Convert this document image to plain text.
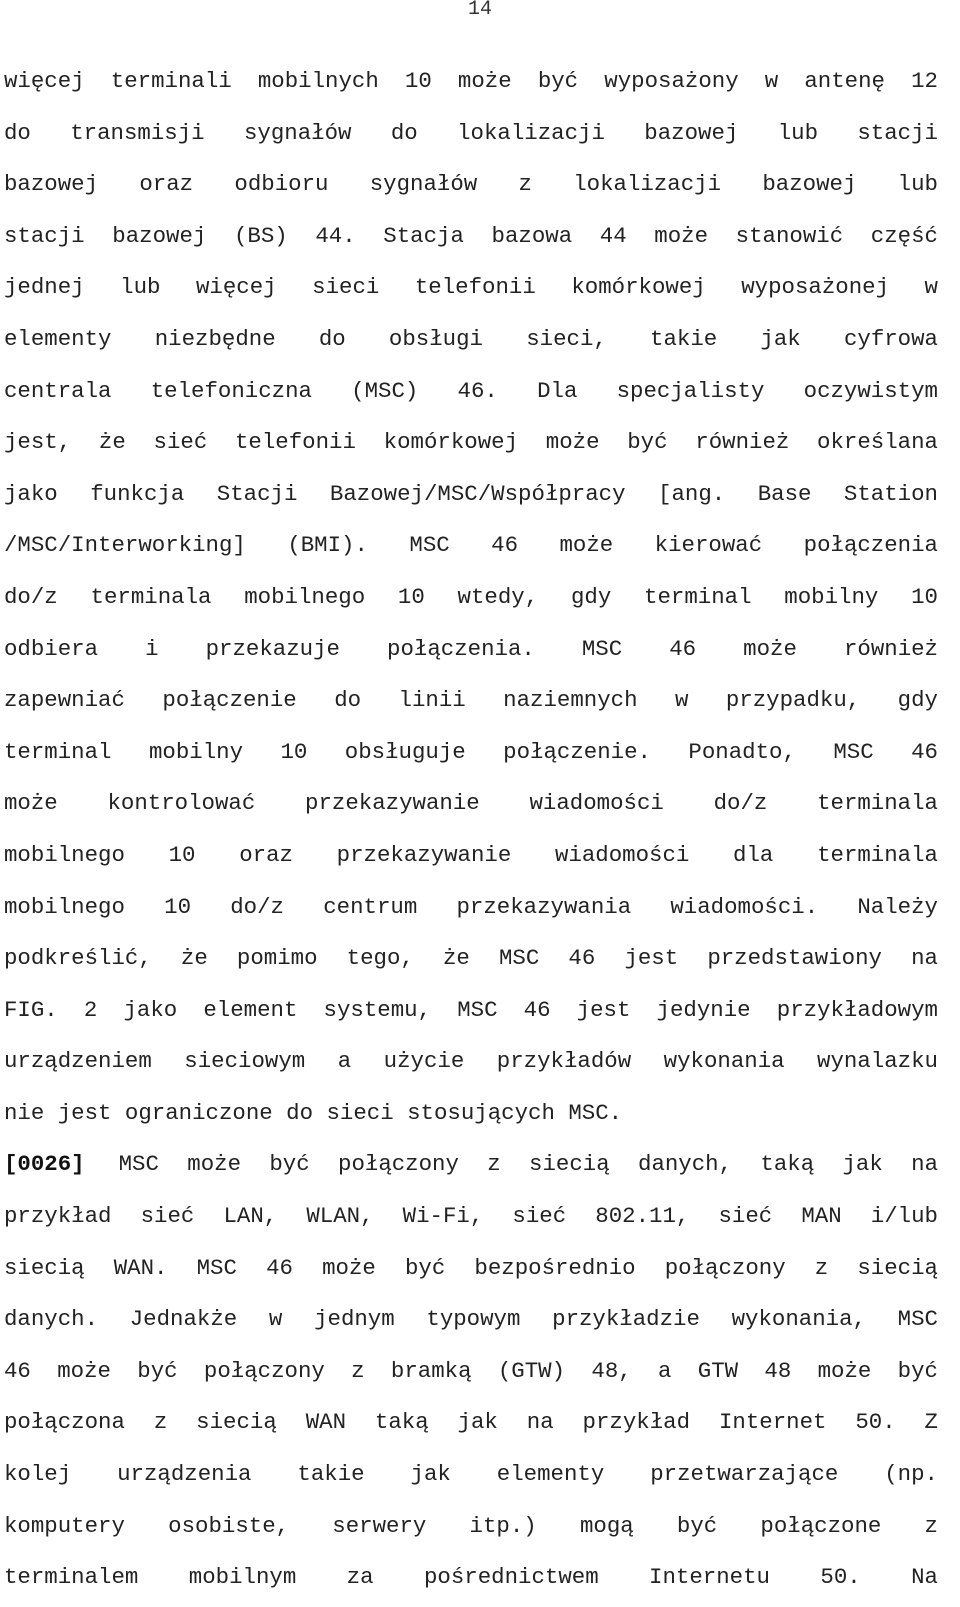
14
więcej terminali mobilnych 10 może być wyposażony w antenę 12
do transmisji sygnałów do lokalizacji bazowej lub stacji
bazowej oraz odbioru sygnałów z lokalizacji bazowej lub
stacji bazowej (BS) 44. Stacja bazowa 44 może stanowić część
jednej lub więcej sieci telefonii komórkowej wyposażonej w
elementy niezbędne do obsługi sieci, takie jak cyfrowa
centrala telefoniczna (MSC) 46. Dla specjalisty oczywistym
jest, że sieć telefonii komórkowej może być również określana
jako funkcja Stacji Bazowej/MSC/Współpracy [ang. Base Station
/MSC/Interworking] (BMI). MSC 46 może kierować połączenia
do/z terminala mobilnego 10 wtedy, gdy terminal mobilny 10
odbiera i przekazuje połączenia. MSC 46 może również
zapewniać połączenie do linii naziemnych w przypadku, gdy
terminal mobilny 10 obsługuje połączenie. Ponadto, MSC 46
może kontrolować przekazywanie wiadomości do/z terminala
mobilnego 10 oraz przekazywanie wiadomości dla terminala
mobilnego 10 do/z centrum przekazywania wiadomości. Należy
podkreślić, że pomimo tego, że MSC 46 jest przedstawiony na
FIG. 2 jako element systemu, MSC 46 jest jedynie przykładowym
urządzeniem sieciowym a użycie przykładów wykonania wynalazku
nie jest ograniczone do sieci stosujących MSC.
[0026] MSC może być połączony z siecią danych, taką jak na
przykład sieć LAN, WLAN, Wi-Fi, sieć 802.11, sieć MAN i/lub
siecią WAN. MSC 46 może być bezpośrednio połączony z siecią
danych. Jednakże w jednym typowym przykładzie wykonania, MSC
46 może być połączony z bramką (GTW) 48, a GTW 48 może być
połączona z siecią WAN taką jak na przykład Internet 50. Z
kolej urządzenia takie jak elementy przetwarzające (np.
komputery osobiste, serwery itp.) mogą być połączone z
terminalem mobilnym za pośrednictwem Internetu 50. Na
